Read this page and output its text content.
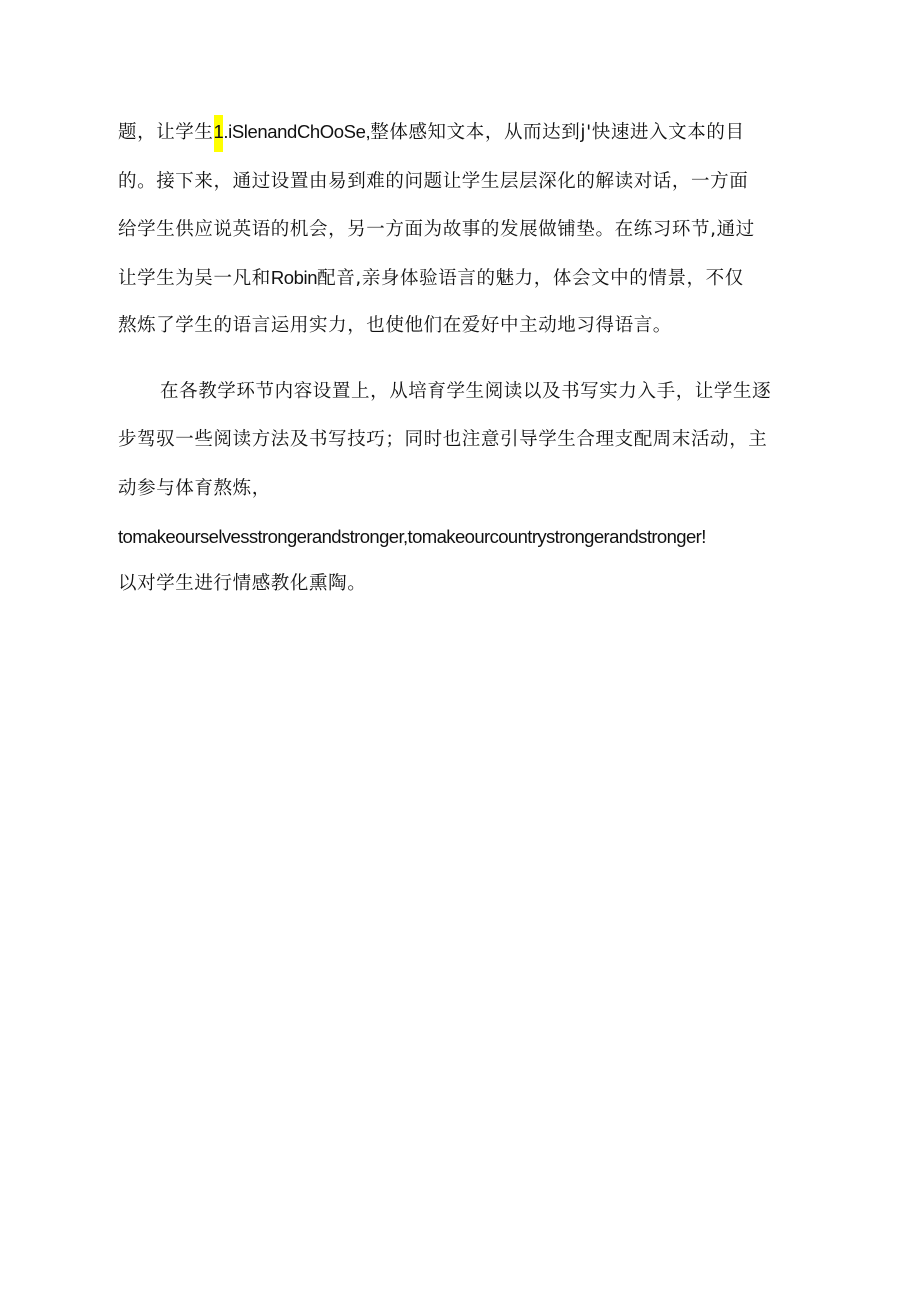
题，让学生1.iSlenandChOoSe,整体感知文本，从而达到j'快速进入文本的目
的。接下来，通过设置由易到难的问题让学生层层深化的解读对话，一方面
给学生供应说英语的机会，另一方面为故事的发展做铺垫。在练习环节,通过
让学生为吴一凡和Robin配音,亲身体验语言的魅力，体会文中的情景，不仅
熬炼了学生的语言运用实力，也使他们在爱好中主动地习得语言。
在各教学环节内容设置上，从培育学生阅读以及书写实力入手，让学生逐
步驾驭一些阅读方法及书写技巧；同时也注意引导学生合理支配周末活动，主
动参与体育熬炼，
tomakeourselvesstrongerandstronger,tomakeourcountrystrongerandstronger!
以对学生进行情感教化熏陶。
